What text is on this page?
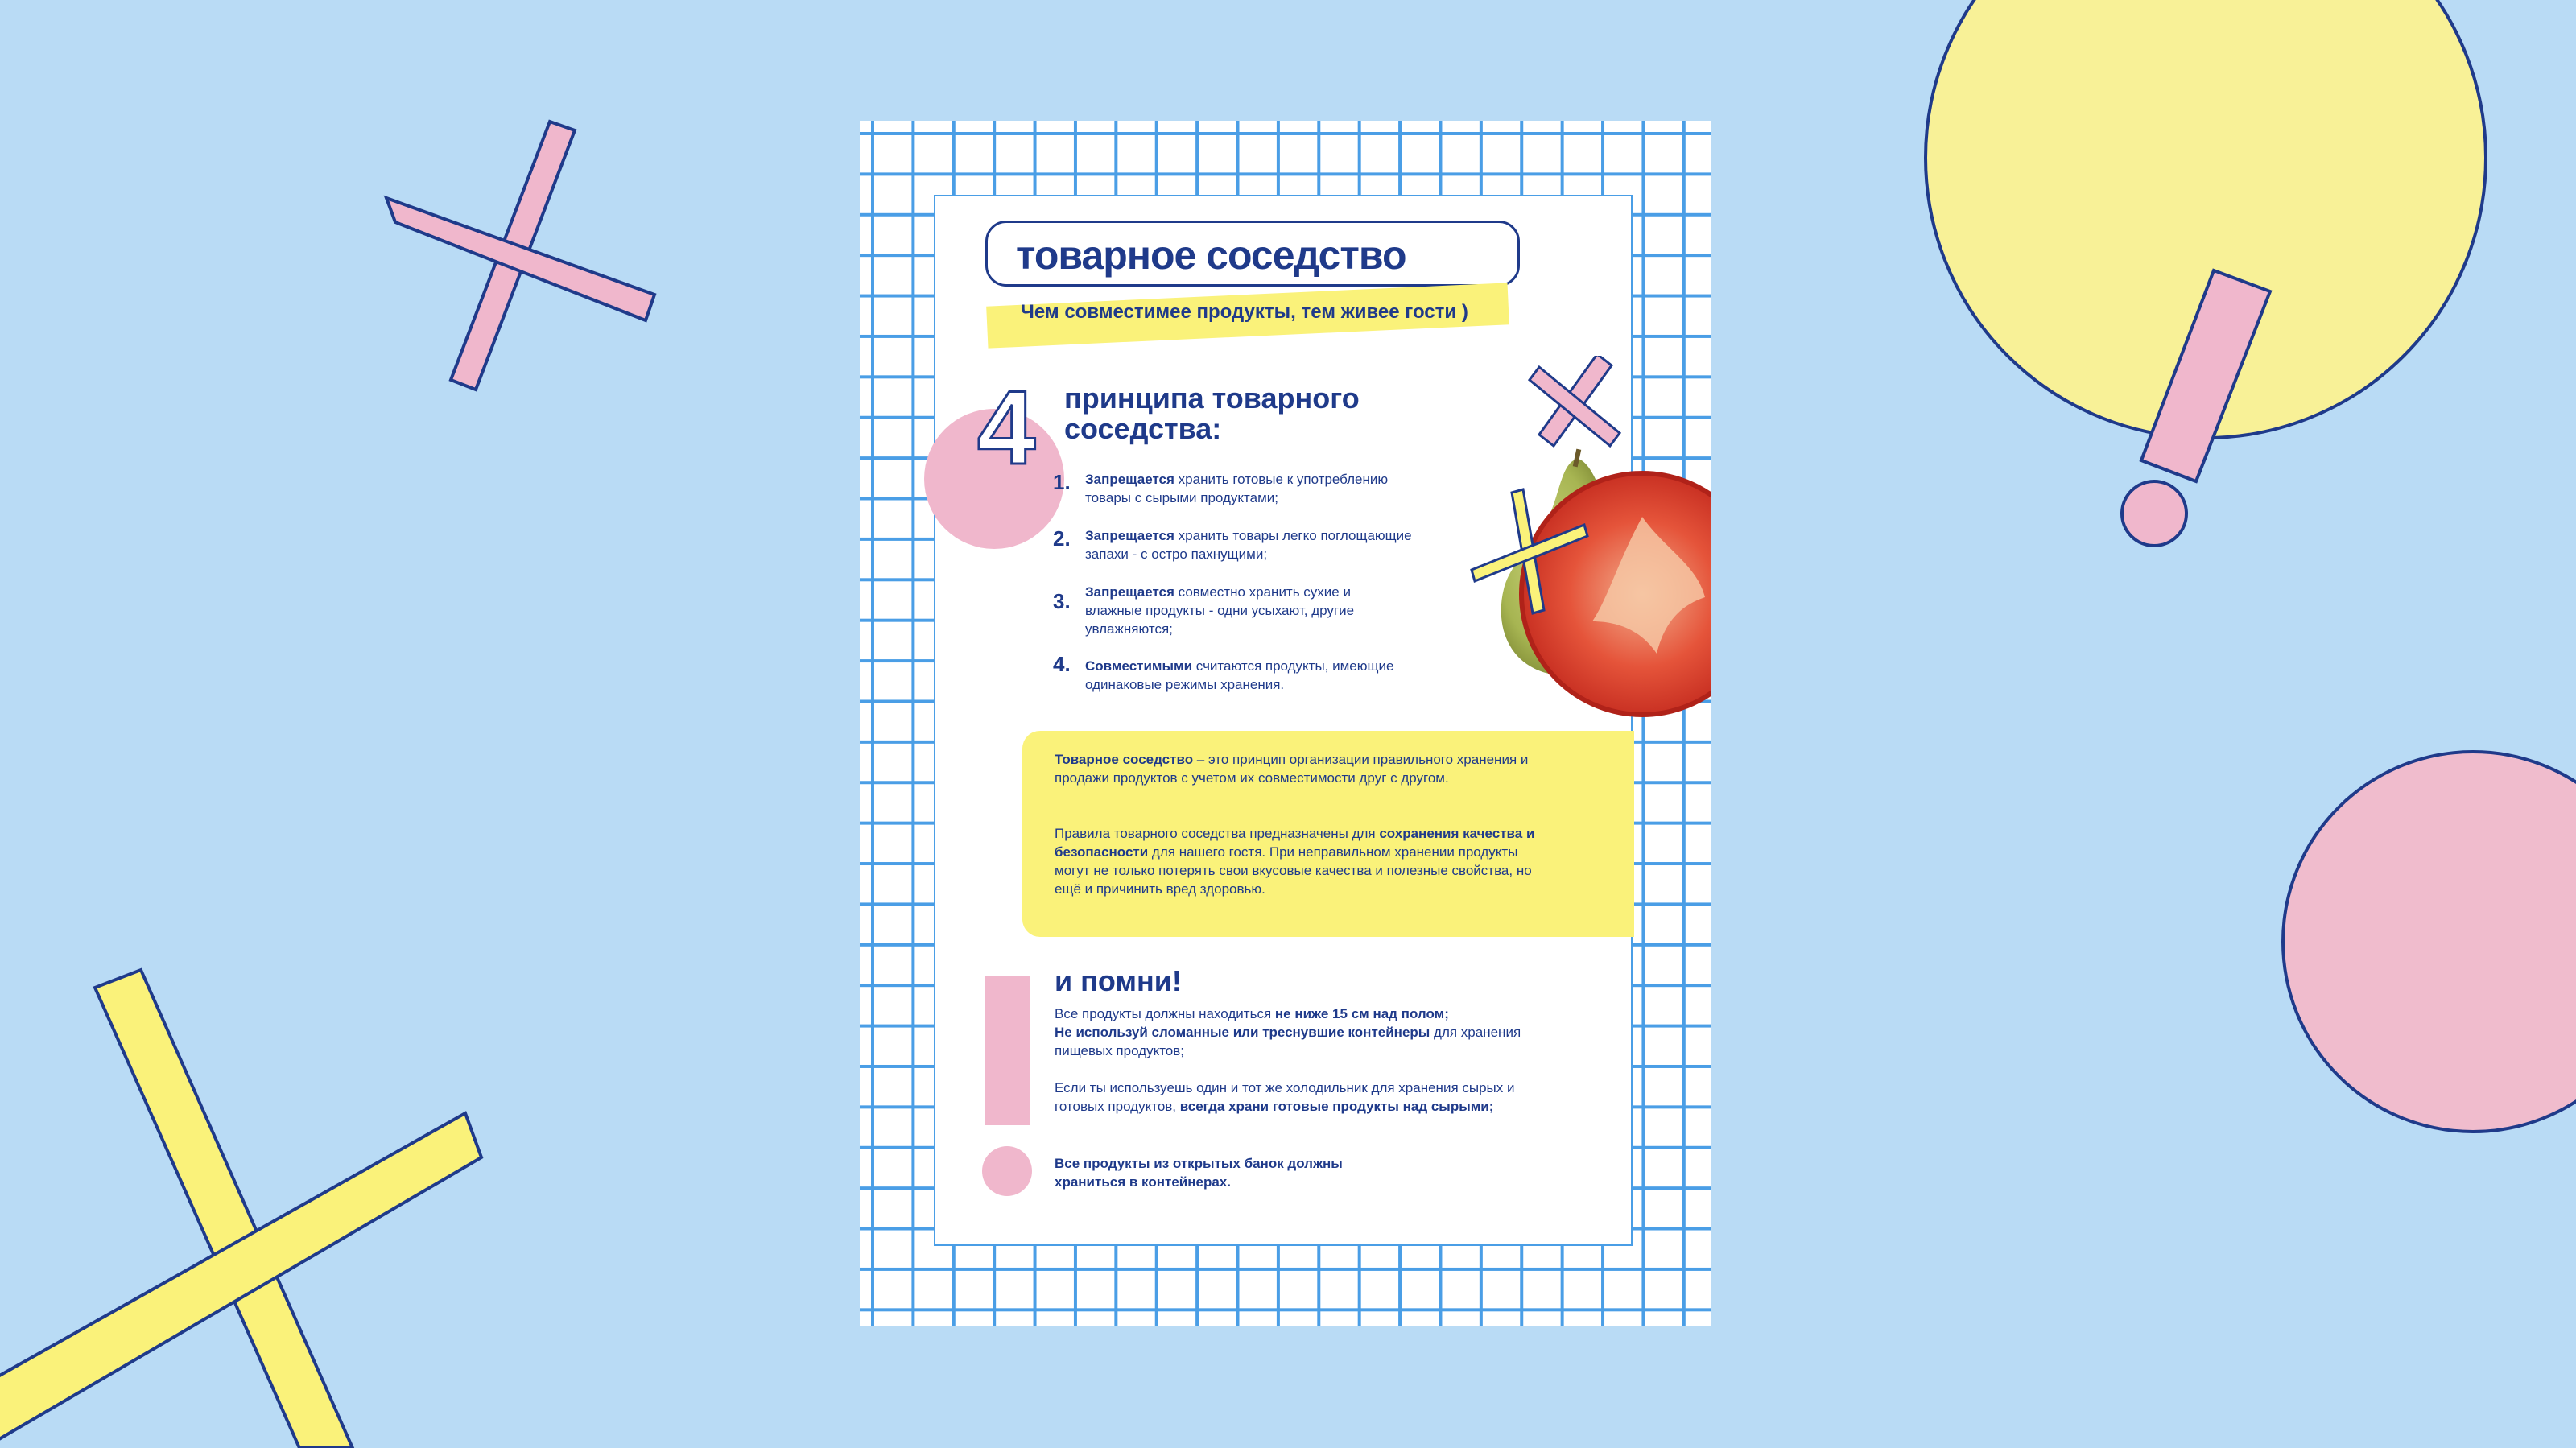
товарное соседство
Чем совместимее продукты, тем живее гости )
4 принципа товарного соседства:
1. Запрещается хранить готовые к употреблению товары с сырыми продуктами;
2. Запрещается хранить товары легко поглощающие запахи - с остро пахнущими;
3. Запрещается совместно хранить сухие и влажные продукты - одни усыхают, другие увлажняются;
4. Совместимыми считаются продукты, имеющие одинаковые режимы хранения.
Товарное соседство – это принцип организации правильного хранения и продажи продуктов с учетом их совместимости друг с другом.
Правила товарного соседства предназначены для сохранения качества и безопасности для нашего гостя. При неправильном хранении продукты могут не только потерять свои вкусовые качества и полезные свойства, но ещё и причинить вред здоровью.
и помни!
Все продукты должны находиться не ниже 15 см над полом;
Не используй сломанные или треснувшие контейнеры для хранения пищевых продуктов;
Если ты используешь один и тот же холодильник для хранения сырых и готовых продуктов, всегда храни готовые продукты над сырыми;
Все продукты из открытых банок должны храниться в контейнерах.
